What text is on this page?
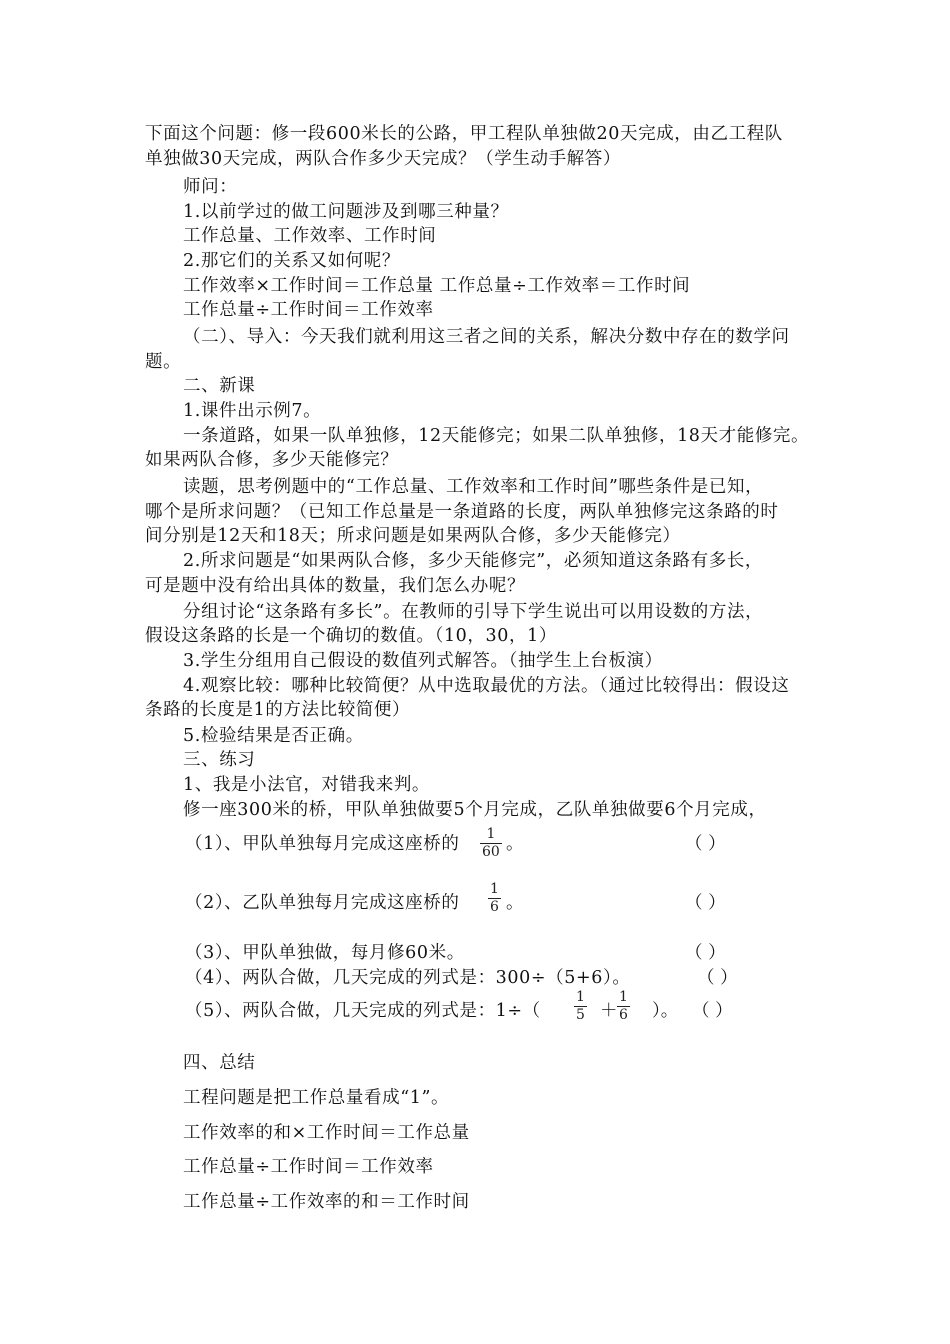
下面这个问题：修一段600米长的公路，甲工程队单独做20天完成，由乙工程队
单独做30天完成，两队合作多少天完成？（学生动手解答）
师问：
1.以前学过的做工问题涉及到哪三种量？
工作总量、工作效率、工作时间
2.那它们的关系又如何呢？
工作效率×工作时间＝工作总量 工作总量÷工作效率＝工作时间
工作总量÷工作时间＝工作效率
（二）、导入：今天我们就利用这三者之间的关系，解决分数中存在的数学问
题。
二、新课
1.课件出示例7。
一条道路，如果一队单独修，12天能修完；如果二队单独修，18天才能修完。
如果两队合修，多少天能修完？
读题，思考例题中的“工作总量、工作效率和工作时间”哪些条件是已知，
哪个是所求问题？（已知工作总量是一条道路的长度，两队单独修完这条路的时
间分别是12天和18天；所求问题是如果两队合修，多少天能修完）
2.所求问题是“如果两队合修，多少天能修完”，必须知道这条路有多长，
可是题中没有给出具体的数量，我们怎么办呢？
分组讨论“这条路有多长”。在教师的引导下学生说出可以用设数的方法，
假设这条路的长是一个确切的数值。（10，30，1）
3.学生分组用自己假设的数值列式解答。（抽学生上台板演）
4.观察比较：哪种比较简便？从中选取最优的方法。（通过比较得出：假设这
条路的长度是1的方法比较简便）
5.检验结果是否正确。
三、练习
1、我是小法官，对错我来判。
修一座300米的桥，甲队单独做要5个月完成，乙队单独做要6个月完成，
（1）、甲队单独每月完成这座桥的 1
60 。	（ ）
（2）、乙队单独每月完成这座桥的
1
6 。	（ ）
（3）、甲队单独做，每月修60米。	（ ）
（4）、两队合做，几天完成的列式是：300÷（5+6）。	（ ）
（5）、两队合做，几天完成的列式是：1÷（
1
5 ＋
1
6 ）。 （ ）
四、总结
工程问题是把工作总量看成“1”。
工作效率的和×工作时间＝工作总量
工作总量÷工作时间＝工作效率
工作总量÷工作效率的和＝工作时间
